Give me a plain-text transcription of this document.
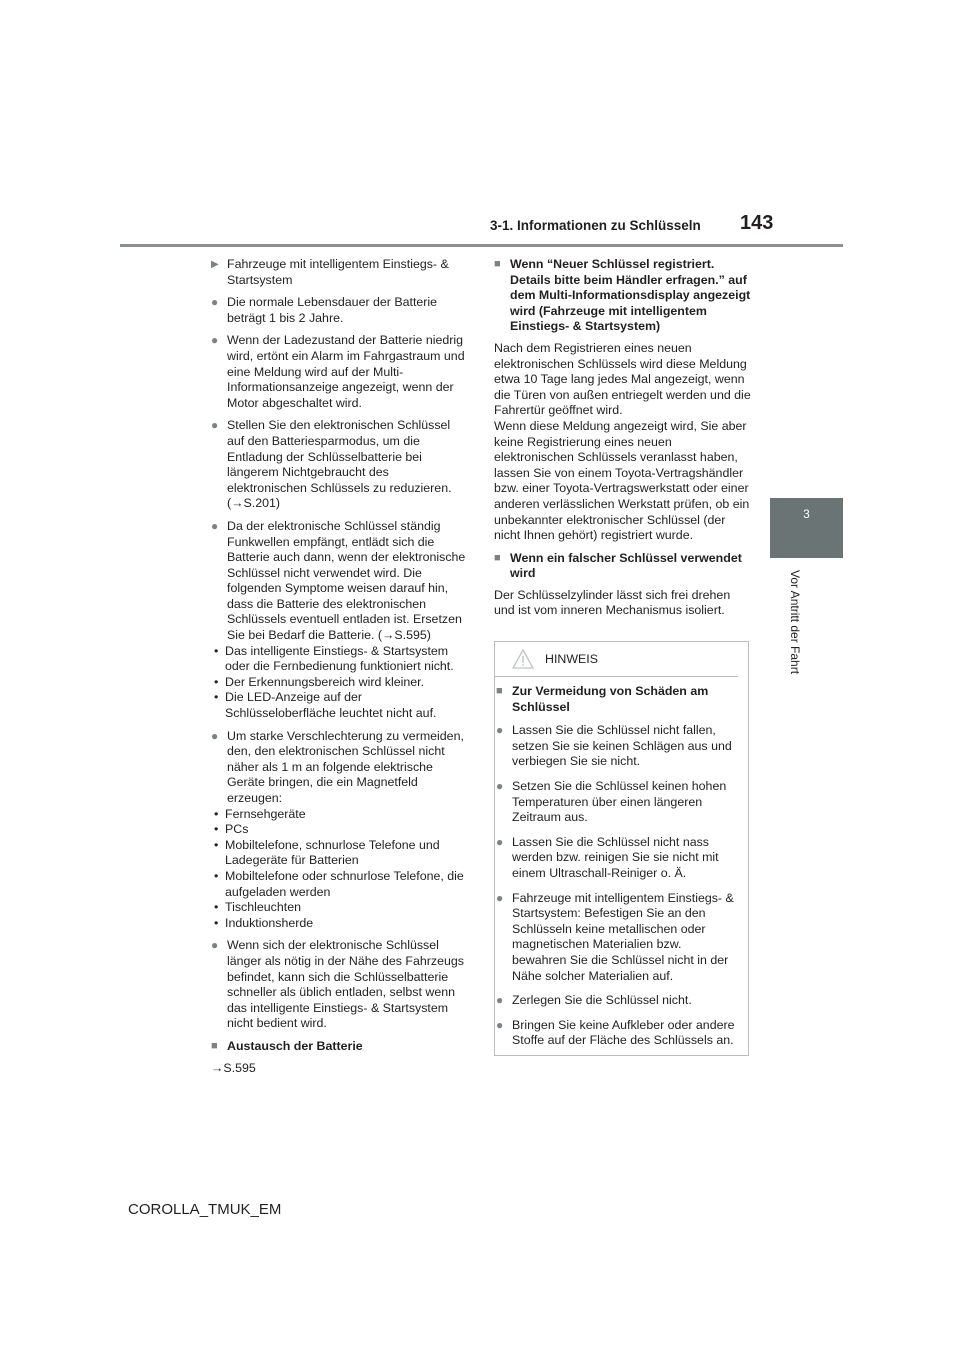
3-1. Informationen zu Schlüsseln 143
3
Vor Antritt der Fahrt
▶ Fahrzeuge mit intelligentem Einstiegs- & Startsystem
● Die normale Lebensdauer der Batterie beträgt 1 bis 2 Jahre.
● Wenn der Ladezustand der Batterie niedrig wird, ertönt ein Alarm im Fahrgastraum und eine Meldung wird auf der Multi-Informationsanzeige angezeigt, wenn der Motor abgeschaltet wird.
● Stellen Sie den elektronischen Schlüssel auf den Batteriesparmodus, um die Entladung der Schlüsselbatterie bei längerem Nichtgebraucht des elektronischen Schlüssels zu reduzieren. (→S.201)
● Da der elektronische Schlüssel ständig Funkwellen empfängt, entlädt sich die Batterie auch dann, wenn der elektronische Schlüssel nicht verwendet wird. Die folgenden Symptome weisen darauf hin, dass die Batterie des elektronischen Schlüssels eventuell entladen ist. Ersetzen Sie bei Bedarf die Batterie. (→S.595)
• Das intelligente Einstiegs- & Startsystem oder die Fernbedienung funktioniert nicht.
• Der Erkennungsbereich wird kleiner.
• Die LED-Anzeige auf der Schlüsseloberfläche leuchtet nicht auf.
● Um starke Verschlechterung zu vermeiden, den, den elektronischen Schlüssel nicht näher als 1 m an folgende elektrische Geräte bringen, die ein Magnetfeld erzeugen:
• Fernsehgeräte
• PCs
• Mobiltelefone, schnurlose Telefone und Ladegeräte für Batterien
• Mobiltelefone oder schnurlose Telefone, die aufgeladen werden
• Tischleuchten
• Induktionsherde
● Wenn sich der elektronische Schlüssel länger als nötig in der Nähe des Fahrzeugs befindet, kann sich die Schlüsselbatterie schneller als üblich entladen, selbst wenn das intelligente Einstiegs- & Startsystem nicht bedient wird.
■ Austausch der Batterie
→S.595
■ Wenn “Neuer Schlüssel registriert. Details bitte beim Händler erfragen.” auf dem Multi-Informationsdisplay angezeigt wird (Fahrzeuge mit intelligentem Einstiegs- & Startsystem)
Nach dem Registrieren eines neuen elektronischen Schlüssels wird diese Meldung etwa 10 Tage lang jedes Mal angezeigt, wenn die Türen von außen entriegelt werden und die Fahrertür geöffnet wird.
Wenn diese Meldung angezeigt wird, Sie aber keine Registrierung eines neuen elektronischen Schlüssels veranlasst haben, lassen Sie von einem Toyota-Vertragshändler bzw. einer Toyota-Vertragswerkstatt oder einer anderen verlässlichen Werkstatt prüfen, ob ein unbekannter elektronischer Schlüssel (der nicht Ihnen gehört) registriert wurde.
■ Wenn ein falscher Schlüssel verwendet wird
Der Schlüsselzylinder lässt sich frei drehen und ist vom inneren Mechanismus isoliert.
HINWEIS
■ Zur Vermeidung von Schäden am Schlüssel
● Lassen Sie die Schlüssel nicht fallen, setzen Sie sie keinen Schlägen aus und verbiegen Sie sie nicht.
● Setzen Sie die Schlüssel keinen hohen Temperaturen über einen längeren Zeitraum aus.
● Lassen Sie die Schlüssel nicht nass werden bzw. reinigen Sie sie nicht mit einem Ultraschall-Reiniger o. Ä.
● Fahrzeuge mit intelligentem Einstiegs- & Startsystem: Befestigen Sie an den Schlüsseln keine metallischen oder magnetischen Materialien bzw. bewahren Sie die Schlüssel nicht in der Nähe solcher Materialien auf.
● Zerlegen Sie die Schlüssel nicht.
● Bringen Sie keine Aufkleber oder andere Stoffe auf der Fläche des Schlüssels an.
COROLLA_TMUK_EM
